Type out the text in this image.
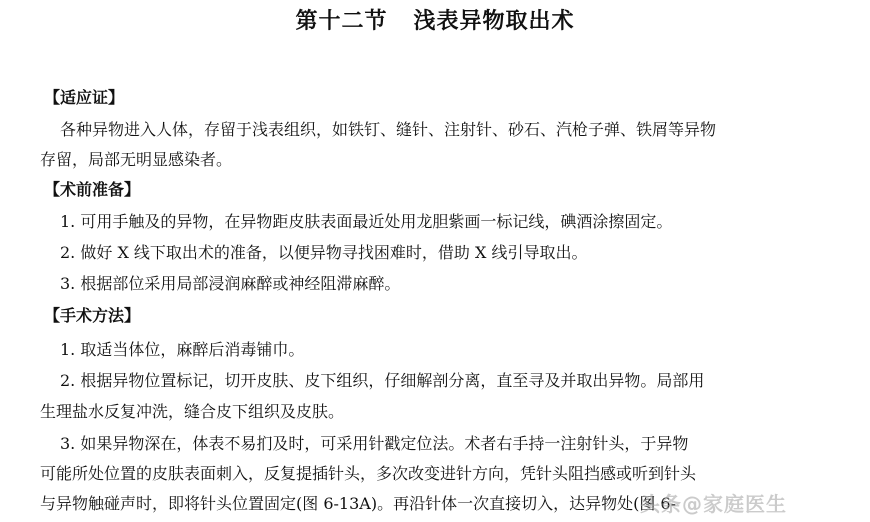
第十二节   浅表异物取出术
【适应证】
各种异物进入人体，存留于浅表组织，如铁钉、缝针、注射针、砂石、汽枪子弹、铁屑等异物
存留，局部无明显感染者。
【术前准备】
1. 可用手触及的异物，在异物距皮肤表面最近处用龙胆紫画一标记线，碘酒涂擦固定。
2. 做好 X 线下取出术的准备，以便异物寻找困难时，借助 X 线引导取出。
3. 根据部位采用局部浸润麻醉或神经阻滞麻醉。
【手术方法】
1. 取适当体位，麻醉后消毒铺巾。
2. 根据异物位置标记，切开皮肤、皮下组织，仔细解剖分离，直至寻及并取出异物。局部用
生理盐水反复冲洗，缝合皮下组织及皮肤。
3. 如果异物深在，体表不易扪及时，可采用针戳定位法。术者右手持一注射针头，于异物
可能所处位置的皮肤表面刺入，反复提插针头，多次改变进针方向，凭针头阻挡感或听到针头
与异物触碰声时，即将针头位置固定(图 6-13A)。再沿针体一次直接切入，达异物处(图 6-
头条@家庭医生
